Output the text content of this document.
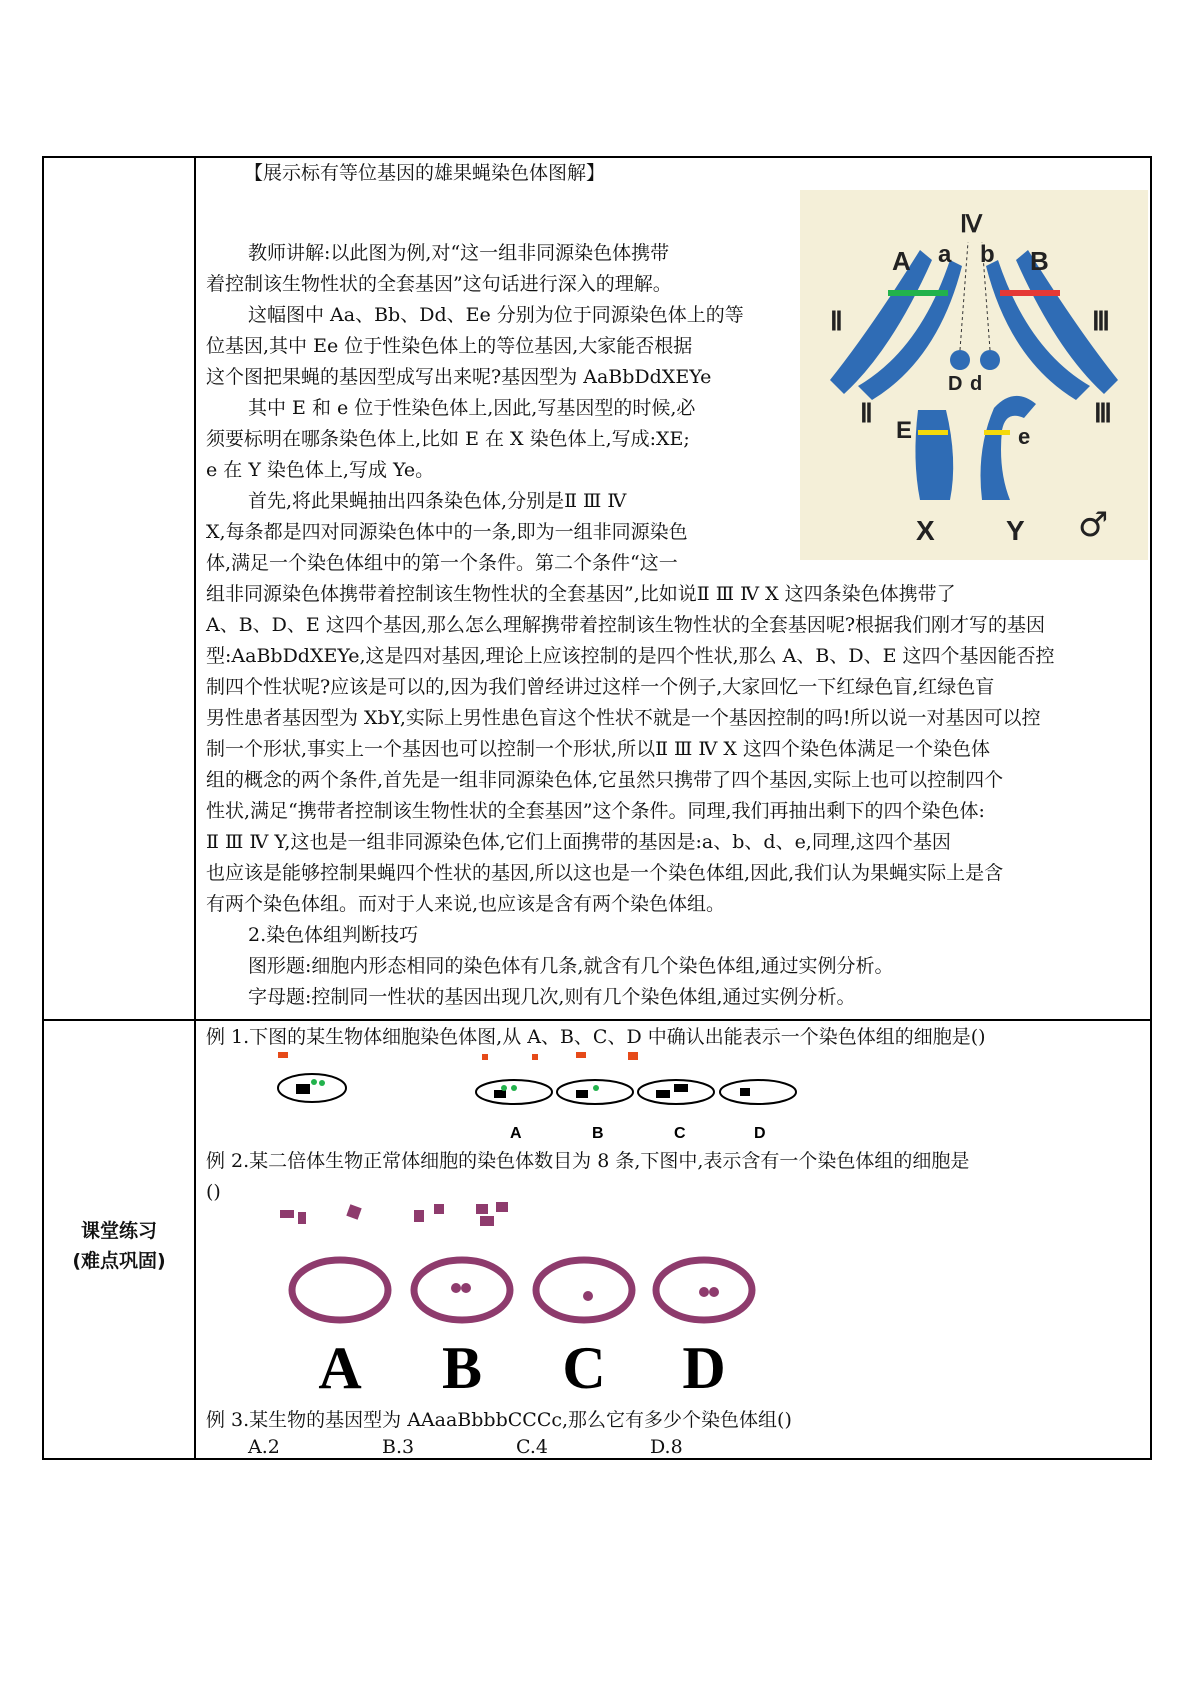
课堂练习
(难点巩固)
【展示标有等位基因的雄果蝇染色体图解】
教师讲解:以此图为例,对“这一组非同源染色体携带
着控制该生物性状的全套基因”这句话进行深入的理解。
这幅图中 Aa、Bb、Dd、Ee 分别为位于同源染色体上的等
位基因,其中 Ee 位于性染色体上的等位基因,大家能否根据
这个图把果蝇的基因型成写出来呢?基因型为 AaBbDdXEYe
其中 E 和 e 位于性染色体上,因此,写基因型的时候,必
须要标明在哪条染色体上,比如 E 在 X 染色体上,写成:XE;
e 在 Y 染色体上,写成 Ye。
首先,将此果蝇抽出四条染色体,分别是Ⅱ Ⅲ Ⅳ
X,每条都是四对同源染色体中的一条,即为一组非同源染色
体,满足一个染色体组中的第一个条件。第二个条件“这一
组非同源染色体携带着控制该生物性状的全套基因”,比如说Ⅱ Ⅲ Ⅳ X 这四条染色体携带了
A、B、D、E 这四个基因,那么怎么理解携带着控制该生物性状的全套基因呢?根据我们刚才写的基因
型:AaBbDdXEYe,这是四对基因,理论上应该控制的是四个性状,那么 A、B、D、E 这四个基因能否控
制四个性状呢?应该是可以的,因为我们曾经讲过这样一个例子,大家回忆一下红绿色盲,红绿色盲
男性患者基因型为 XbY,实际上男性患色盲这个性状不就是一个基因控制的吗!所以说一对基因可以控
制一个形状,事实上一个基因也可以控制一个形状,所以Ⅱ Ⅲ Ⅳ X 这四个染色体满足一个染色体
组的概念的两个条件,首先是一组非同源染色体,它虽然只携带了四个基因,实际上也可以控制四个
性状,满足“携带者控制该生物性状的全套基因”这个条件。同理,我们再抽出剩下的四个染色体:
Ⅱ Ⅲ Ⅳ Y,这也是一组非同源染色体,它们上面携带的基因是:a、b、d、e,同理,这四个基因
也应该是能够控制果蝇四个性状的基因,所以这也是一个染色体组,因此,我们认为果蝇实际上是含
有两个染色体组。而对于人来说,也应该是含有两个染色体组。
2.染色体组判断技巧
图形题:细胞内形态相同的染色体有几条,就含有几个染色体组,通过实例分析。
字母题:控制同一性状的基因出现几次,则有几个染色体组,通过实例分析。
Ⅳ
A a b B
Ⅱ	Ⅲ
D d
Ⅱ	Ⅲ
E	e
X	Y ♂
例 1.下图的某生物体细胞染色体图,从 A、B、C、D 中确认出能表示一个染色体组的细胞是()
A	B	C	D
例 2.某二倍体生物正常体细胞的染色体数目为 8 条,下图中,表示含有一个染色体组的细胞是
()
A B C D
例 3.某生物的基因型为 AAaaBbbbCCCc,那么它有多少个染色体组()
A.2	B.3	C.4	D.8
